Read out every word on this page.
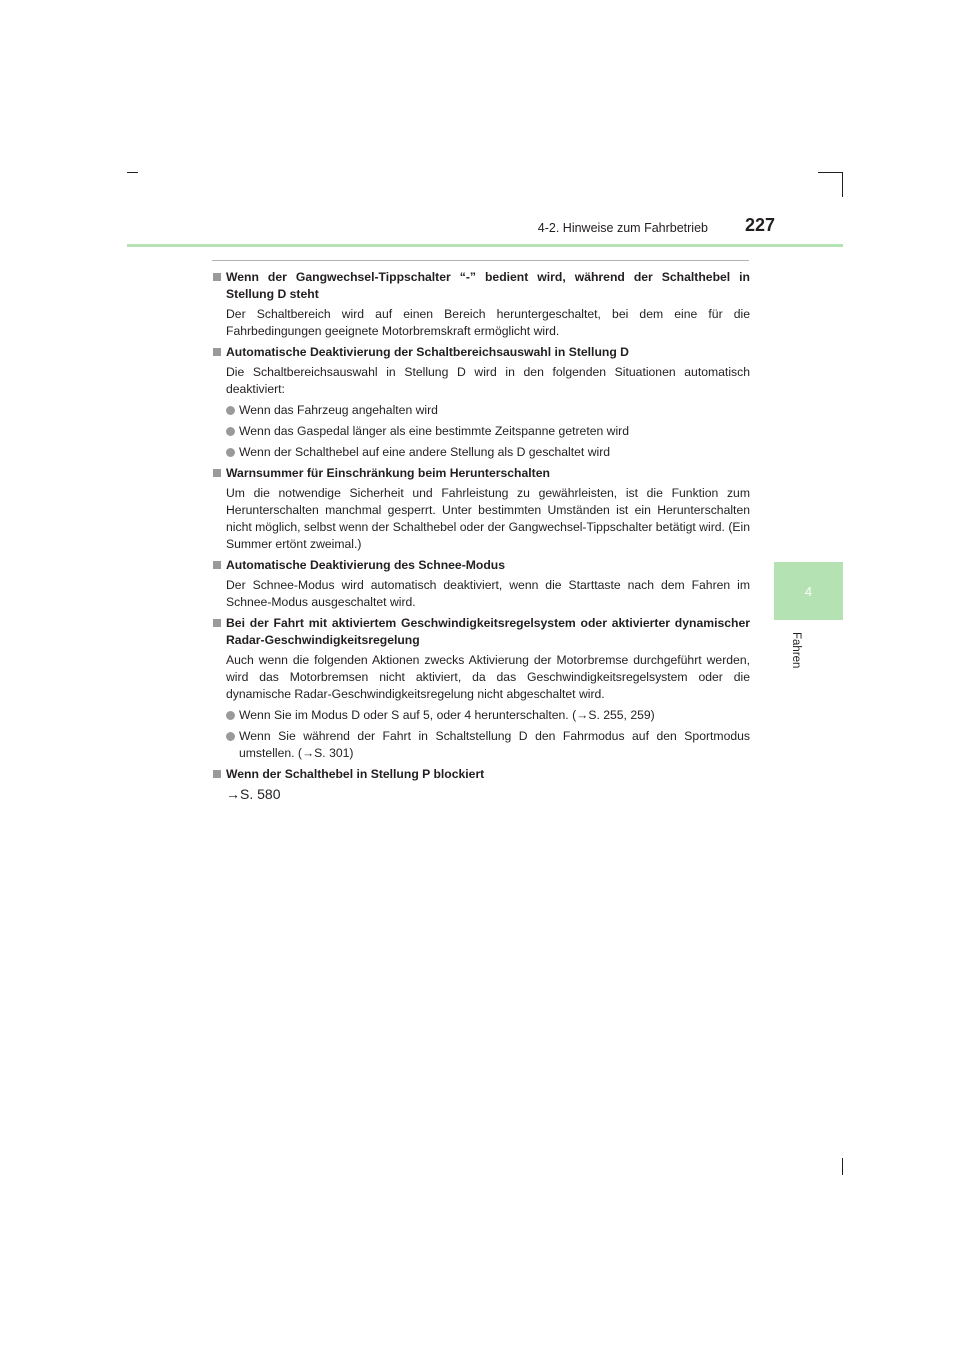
4-2. Hinweise zum Fahrbetrieb	227
4
Fahren
Wenn der Gangwechsel-Tippschalter “-” bedient wird, während der Schalthebel in Stellung D steht
Der Schaltbereich wird auf einen Bereich heruntergeschaltet, bei dem eine für die Fahrbedingungen geeignete Motorbremskraft ermöglicht wird.
Automatische Deaktivierung der Schaltbereichsauswahl in Stellung D
Die Schaltbereichsauswahl in Stellung D wird in den folgenden Situationen automatisch deaktiviert:
Wenn das Fahrzeug angehalten wird
Wenn das Gaspedal länger als eine bestimmte Zeitspanne getreten wird
Wenn der Schalthebel auf eine andere Stellung als D geschaltet wird
Warnsummer für Einschränkung beim Herunterschalten
Um die notwendige Sicherheit und Fahrleistung zu gewährleisten, ist die Funktion zum Herunterschalten manchmal gesperrt. Unter bestimmten Umständen ist ein Herunterschalten nicht möglich, selbst wenn der Schalthebel oder der Gangwechsel-Tippschalter betätigt wird. (Ein Summer ertönt zweimal.)
Automatische Deaktivierung des Schnee-Modus
Der Schnee-Modus wird automatisch deaktiviert, wenn die Starttaste nach dem Fahren im Schnee-Modus ausgeschaltet wird.
Bei der Fahrt mit aktiviertem Geschwindigkeitsregelsystem oder aktivierter dynamischer Radar-Geschwindigkeitsregelung
Auch wenn die folgenden Aktionen zwecks Aktivierung der Motorbremse durchgeführt werden, wird das Motorbremsen nicht aktiviert, da das Geschwindigkeitsregelsystem oder die dynamische Radar-Geschwindigkeitsregelung nicht abgeschaltet wird.
Wenn Sie im Modus D oder S auf 5, oder 4 herunterschalten. (→S. 255, 259)
Wenn Sie während der Fahrt in Schaltstellung D den Fahrmodus auf den Sportmodus umstellen. (→S. 301)
Wenn der Schalthebel in Stellung P blockiert
→S. 580
